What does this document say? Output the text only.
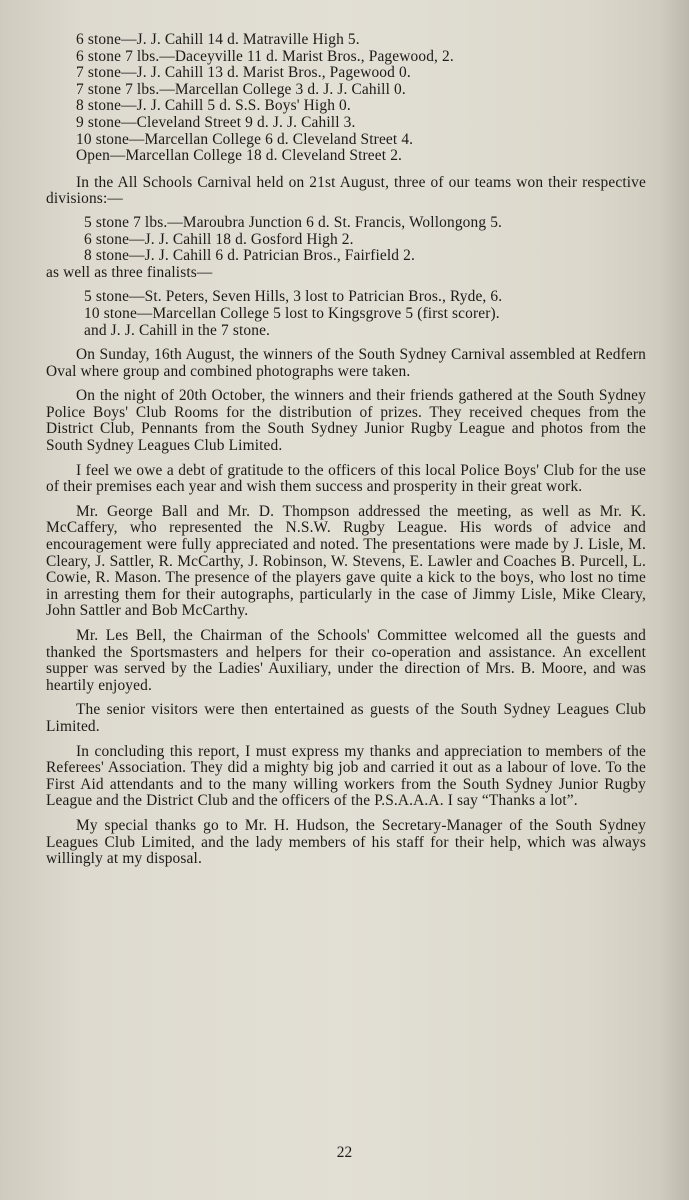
6 stone—J. J. Cahill 14 d. Matraville High 5.
6 stone 7 lbs.—Daceyville 11 d. Marist Bros., Pagewood, 2.
7 stone—J. J. Cahill 13 d. Marist Bros., Pagewood 0.
7 stone 7 lbs.—Marcellan College 3 d. J. J. Cahill 0.
8 stone—J. J. Cahill 5 d. S.S. Boys' High 0.
9 stone—Cleveland Street 9 d. J. J. Cahill 3.
10 stone—Marcellan College 6 d. Cleveland Street 4.
Open—Marcellan College 18 d. Cleveland Street 2.

In the All Schools Carnival held on 21st August, three of our teams won their respective divisions:—

5 stone 7 lbs.—Maroubra Junction 6 d. St. Francis, Wollongong 5.
6 stone—J. J. Cahill 18 d. Gosford High 2.
8 stone—J. J. Cahill 6 d. Patrician Bros., Fairfield 2.

as well as three finalists—

5 stone—St. Peters, Seven Hills, 3 lost to Patrician Bros., Ryde, 6.
10 stone—Marcellan College 5 lost to Kingsgrove 5 (first scorer).
and J. J. Cahill in the 7 stone.

On Sunday, 16th August, the winners of the South Sydney Carnival assembled at Redfern Oval where group and combined photographs were taken.

On the night of 20th October, the winners and their friends gathered at the South Sydney Police Boys' Club Rooms for the distribution of prizes. They received cheques from the District Club, Pennants from the South Sydney Junior Rugby League and photos from the South Sydney Leagues Club Limited.

I feel we owe a debt of gratitude to the officers of this local Police Boys' Club for the use of their premises each year and wish them success and prosperity in their great work.

Mr. George Ball and Mr. D. Thompson addressed the meeting, as well as Mr. K. McCaffery, who represented the N.S.W. Rugby League. His words of advice and encouragement were fully appreciated and noted. The presentations were made by J. Lisle, M. Cleary, J. Sattler, R. McCarthy, J. Robinson, W. Stevens, E. Lawler and Coaches B. Purcell, L. Cowie, R. Mason. The presence of the players gave quite a kick to the boys, who lost no time in arresting them for their autographs, particularly in the case of Jimmy Lisle, Mike Cleary, John Sattler and Bob McCarthy.

Mr. Les Bell, the Chairman of the Schools' Committee welcomed all the guests and thanked the Sportsmasters and helpers for their co-operation and assistance. An excellent supper was served by the Ladies' Auxiliary, under the direction of Mrs. B. Moore, and was heartily enjoyed.

The senior visitors were then entertained as guests of the South Sydney Leagues Club Limited.

In concluding this report, I must express my thanks and appreciation to members of the Referees' Association. They did a mighty big job and carried it out as a labour of love. To the First Aid attendants and to the many willing workers from the South Sydney Junior Rugby League and the District Club and the officers of the P.S.A.A.A. I say “Thanks a lot”.

My special thanks go to Mr. H. Hudson, the Secretary-Manager of the South Sydney Leagues Club Limited, and the lady members of his staff for their help, which was always willingly at my disposal.

22
